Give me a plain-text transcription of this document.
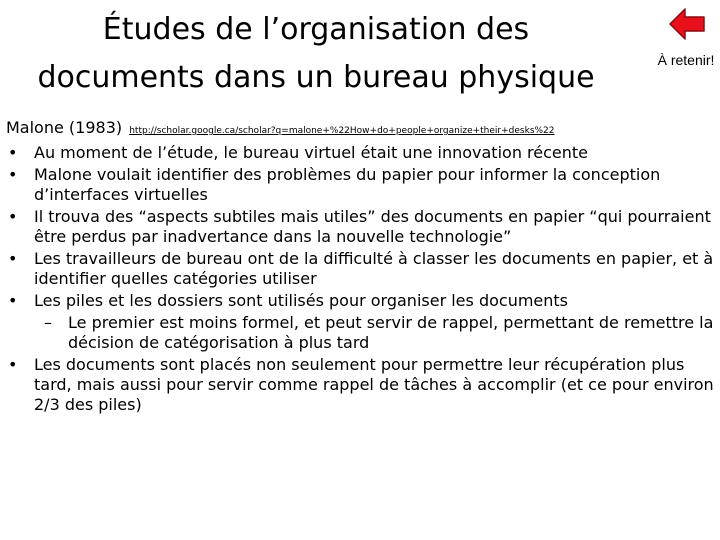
Études de l’organisation des
documents dans un bureau physique	À retenir!

Malone (1983) http://scholar.google.ca/scholar?q=malone+%22How+do+people+organize+their+desks%22

•	Au moment de l’étude, le bureau virtuel était une innovation récente
•	Malone voulait identifier des problèmes du papier pour informer la conception d’interfaces virtuelles
•	Il trouva des “aspects subtiles mais utiles” des documents en papier “qui pourraient être perdus par inadvertance dans la nouvelle technologie”
•	Les travailleurs de bureau ont de la difficulté à classer les documents en papier, et à identifier quelles catégories utiliser
•	Les piles et les dossiers sont utilisés pour organiser les documents
– Le premier est moins formel, et peut servir de rappel, permettant de remettre la décision de catégorisation à plus tard
•	Les documents sont placés non seulement pour permettre leur récupération plus tard, mais aussi pour servir comme rappel de tâches à accomplir (et ce pour environ 2/3 des piles)
